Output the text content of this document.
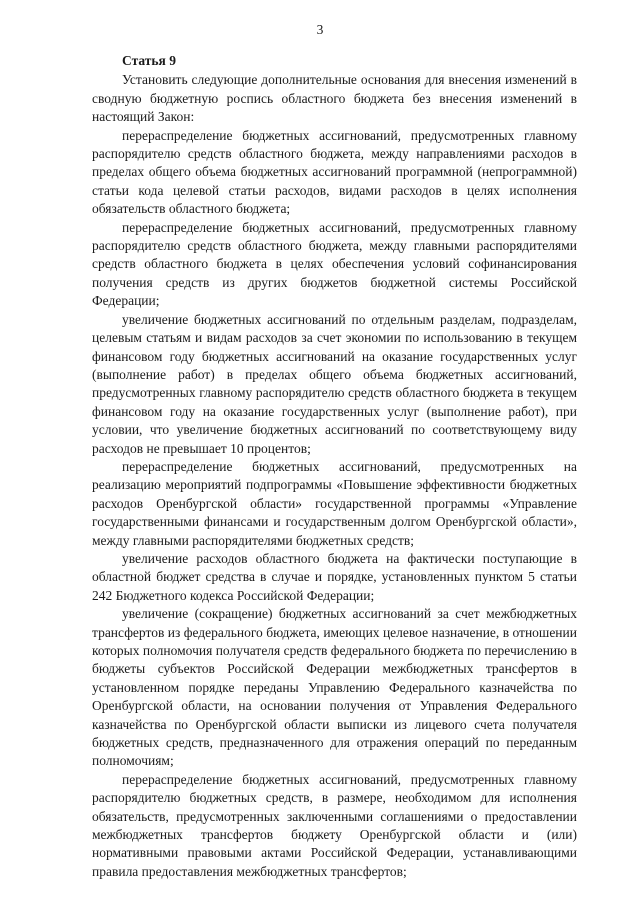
3
Статья 9

Установить следующие дополнительные основания для внесения изменений в сводную бюджетную роспись областного бюджета без внесения изменений в настоящий Закон:

перераспределение бюджетных ассигнований, предусмотренных главному распорядителю средств областного бюджета, между направлениями расходов в пределах общего объема бюджетных ассигнований программной (непрограммной) статьи кода целевой статьи расходов, видами расходов в целях исполнения обязательств областного бюджета;

перераспределение бюджетных ассигнований, предусмотренных главному распорядителю средств областного бюджета, между главными распорядителями средств областного бюджета в целях обеспечения условий софинансирования получения средств из других бюджетов бюджетной системы Российской Федерации;

увеличение бюджетных ассигнований по отдельным разделам, подразделам, целевым статьям и видам расходов за счет экономии по использованию в текущем финансовом году бюджетных ассигнований на оказание государственных услуг (выполнение работ) в пределах общего объема бюджетных ассигнований, предусмотренных главному распорядителю средств областного бюджета в текущем финансовом году на оказание государственных услуг (выполнение работ), при условии, что увеличение бюджетных ассигнований по соответствующему виду расходов не превышает 10 процентов;

перераспределение бюджетных ассигнований, предусмотренных на реализацию мероприятий подпрограммы «Повышение эффективности бюджетных расходов Оренбургской области» государственной программы «Управление государственными финансами и государственным долгом Оренбургской области», между главными распорядителями бюджетных средств;

увеличение расходов областного бюджета на фактически поступающие в областной бюджет средства в случае и порядке, установленных пунктом 5 статьи 242 Бюджетного кодекса Российской Федерации;

увеличение (сокращение) бюджетных ассигнований за счет межбюджетных трансфертов из федерального бюджета, имеющих целевое назначение, в отношении которых полномочия получателя средств федерального бюджета по перечислению в бюджеты субъектов Российской Федерации межбюджетных трансфертов в установленном порядке переданы Управлению Федерального казначейства по Оренбургской области, на основании получения от Управления Федерального казначейства по Оренбургской области выписки из лицевого счета получателя бюджетных средств, предназначенного для отражения операций по переданным полномочиям;

перераспределение бюджетных ассигнований, предусмотренных главному распорядителю бюджетных средств, в размере, необходимом для исполнения обязательств, предусмотренных заключенными соглашениями о предоставлении межбюджетных трансфертов бюджету Оренбургской области и (или) нормативными правовыми актами Российской Федерации, устанавливающими правила предоставления межбюджетных трансфертов;
